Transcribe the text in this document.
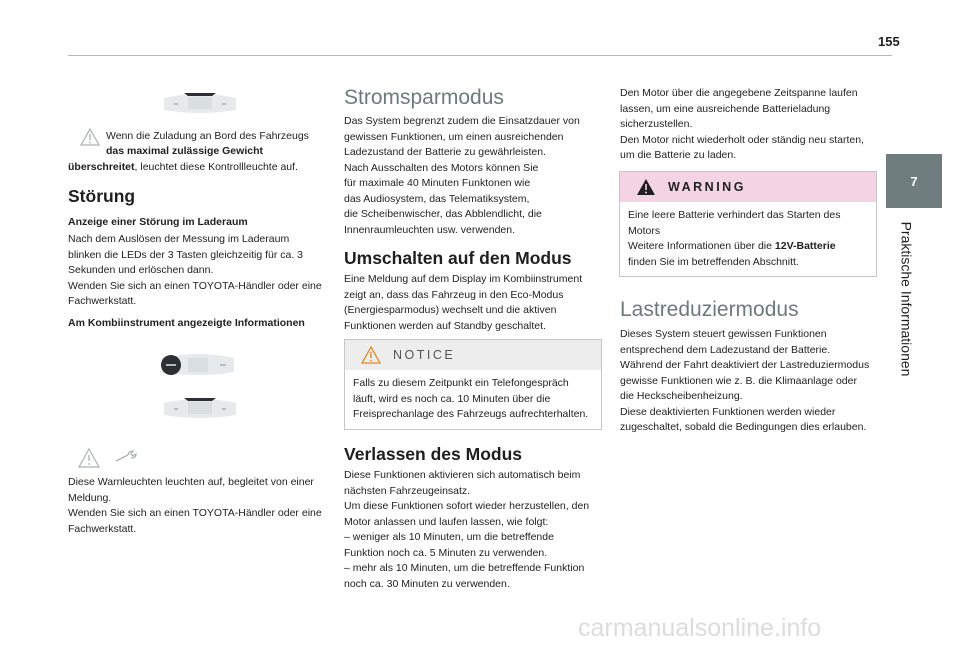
155
7
Praktische Informationen

Wenn die Zuladung an Bord des Fahrzeugs

das maximal zulässige Gewicht überschreitet, leuchtet diese Kontrollleuchte auf.

Störung
Anzeige einer Störung im Laderaum

Nach dem Auslösen der Messung im Laderaum

blinken die LEDs der 3 Tasten gleichzeitig für ca. 3

Sekunden und erlöschen dann.

Wenden Sie sich an einen TOYOTA-Händler oder eine

Fachwerkstatt.

Am Kombiinstrument angezeigte Informationen

Diese Warnleuchten leuchten auf, begleitet von einer

Meldung.

Wenden Sie sich an einen TOYOTA-Händler oder eine

Fachwerkstatt.

Stromsparmodus

Das System begrenzt zudem die Einsatzdauer von

gewissen Funktionen, um einen ausreichenden

Ladezustand der Batterie zu gewährleisten.

Nach Ausschalten des Motors können Sie

für maximale 40 Minuten Funktonen wie

das Audiosystem, das Telematiksystem,

die Scheibenwischer, das Abblendlicht, die

Innenraumleuchten usw. verwenden.

Umschalten auf den Modus

Eine Meldung auf dem Display im Kombiinstrument

zeigt an, dass das Fahrzeug in den Eco-Modus

(Energiesparmodus) wechselt und die aktiven

Funktionen werden auf Standby geschaltet.

NOTICE

Falls zu diesem Zeitpunkt ein Telefongespräch

läuft, wird es noch ca. 10 Minuten über die

Freisprechanlage des Fahrzeugs aufrechterhalten.

Verlassen des Modus

Diese Funktionen aktivieren sich automatisch beim

nächsten Fahrzeugeinsatz.

Um diese Funktionen sofort wieder herzustellen, den

Motor anlassen und laufen lassen, wie folgt:

– weniger als 10 Minuten, um die betreffende

Funktion noch ca. 5 Minuten zu verwenden.

– mehr als 10 Minuten, um die betreffende Funktion

noch ca. 30 Minuten zu verwenden.

Den Motor über die angegebene Zeitspanne laufen

lassen, um eine ausreichende Batterieladung

sicherzustellen.

Den Motor nicht wiederholt oder ständig neu starten,

um die Batterie zu laden.

WARNING

Eine leere Batterie verhindert das Starten des

Motors

Weitere Informationen über die 12V-Batterie

finden Sie im betreffenden Abschnitt.

Lastreduziermodus

Dieses System steuert gewissen Funktionen

entsprechend dem Ladezustand der Batterie.

Während der Fahrt deaktiviert der Lastreduziermodus

gewisse Funktionen wie z. B. die Klimaanlage oder

die Heckscheibenheizung.

Diese deaktivierten Funktionen werden wieder

zugeschaltet, sobald die Bedingungen dies erlauben.

carmanualsonline.info
